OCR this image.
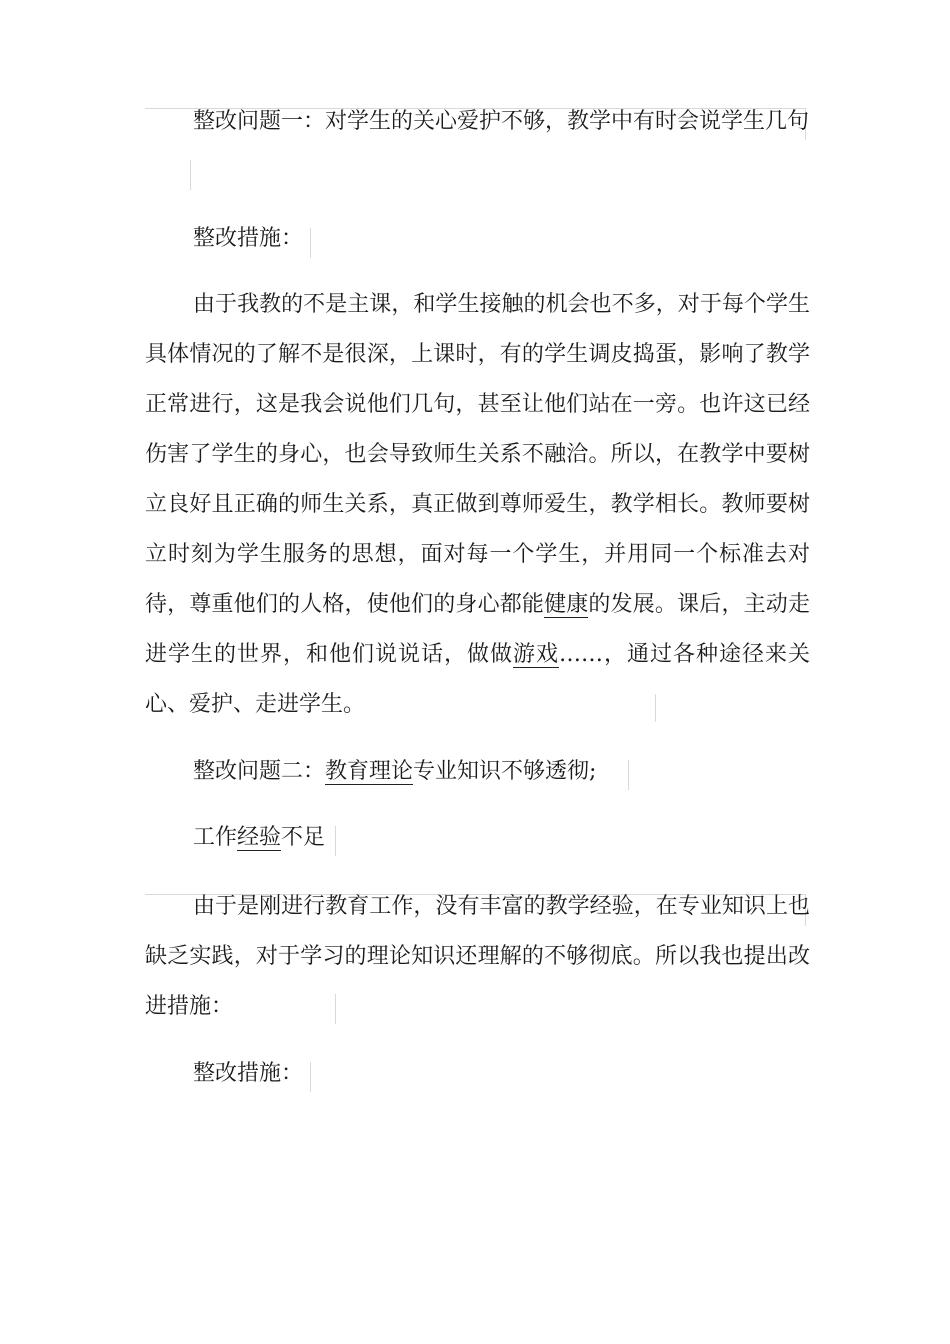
整改问题一：对学生的关心爱护不够，教学中有时会说学生几句

整改措施：

由于我教的不是主课，和学生接触的机会也不多，对于每个学生具体情况的了解不是很深，上课时，有的学生调皮捣蛋，影响了教学正常进行，这是我会说他们几句，甚至让他们站在一旁。也许这已经伤害了学生的身心，也会导致师生关系不融洽。所以，在教学中要树立良好且正确的师生关系，真正做到尊师爱生，教学相长。教师要树立时刻为学生服务的思想，面对每一个学生，并用同一个标准去对待，尊重他们的人格，使他们的身心都能健康的发展。课后，主动走进学生的世界，和他们说说话，做做游戏……，通过各种途径来关心、爱护、走进学生。

整改问题二：教育理论专业知识不够透彻;

工作经验不足

由于是刚进行教育工作，没有丰富的教学经验，在专业知识上也缺乏实践，对于学习的理论知识还理解的不够彻底。所以我也提出改进措施：

整改措施：
